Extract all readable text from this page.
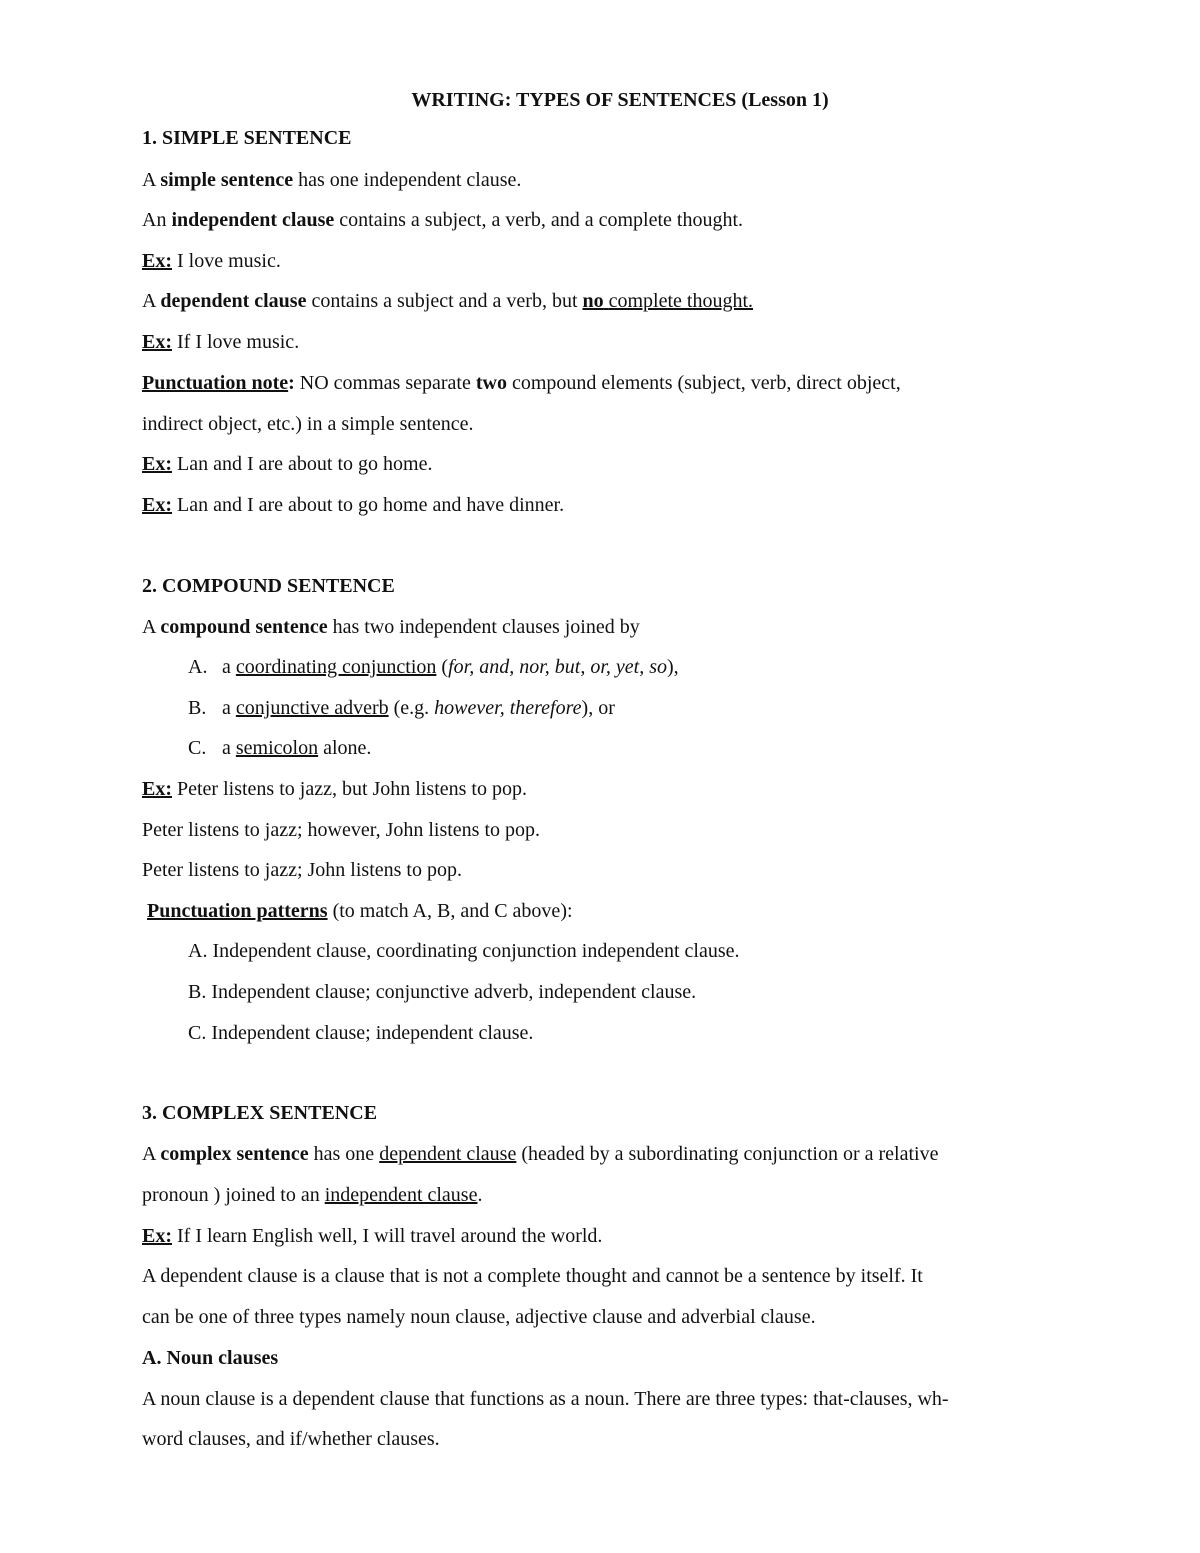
WRITING: TYPES OF SENTENCES (Lesson 1)
1. SIMPLE SENTENCE
A simple sentence has one independent clause.
An independent clause contains a subject, a verb, and a complete thought.
Ex: I love music.
A dependent clause contains a subject and a verb, but no complete thought.
Ex: If I love music.
Punctuation note: NO commas separate two compound elements (subject, verb, direct object,
indirect object, etc.) in a simple sentence.
Ex: Lan and I are about to go home.
Ex: Lan and I are about to go home and have dinner.
2. COMPOUND SENTENCE
A compound sentence has two independent clauses joined by
A. a coordinating conjunction (for, and, nor, but, or, yet, so),
B. a conjunctive adverb (e.g. however, therefore), or
C. a semicolon alone.
Ex: Peter listens to jazz, but John listens to pop.
Peter listens to jazz; however, John listens to pop.
Peter listens to jazz; John listens to pop.
Punctuation patterns (to match A, B, and C above):
A. Independent clause, coordinating conjunction independent clause.
B. Independent clause; conjunctive adverb, independent clause.
C. Independent clause; independent clause.
3. COMPLEX SENTENCE
A complex sentence has one dependent clause (headed by a subordinating conjunction or a relative
pronoun ) joined to an independent clause.
Ex: If I learn English well, I will travel around the world.
A dependent clause is a clause that is not a complete thought and cannot be a sentence by itself. It
can be one of three types namely noun clause, adjective clause and adverbial clause.
A. Noun clauses
A noun clause is a dependent clause that functions as a noun. There are three types: that-clauses, wh-
word clauses, and if/whether clauses.
